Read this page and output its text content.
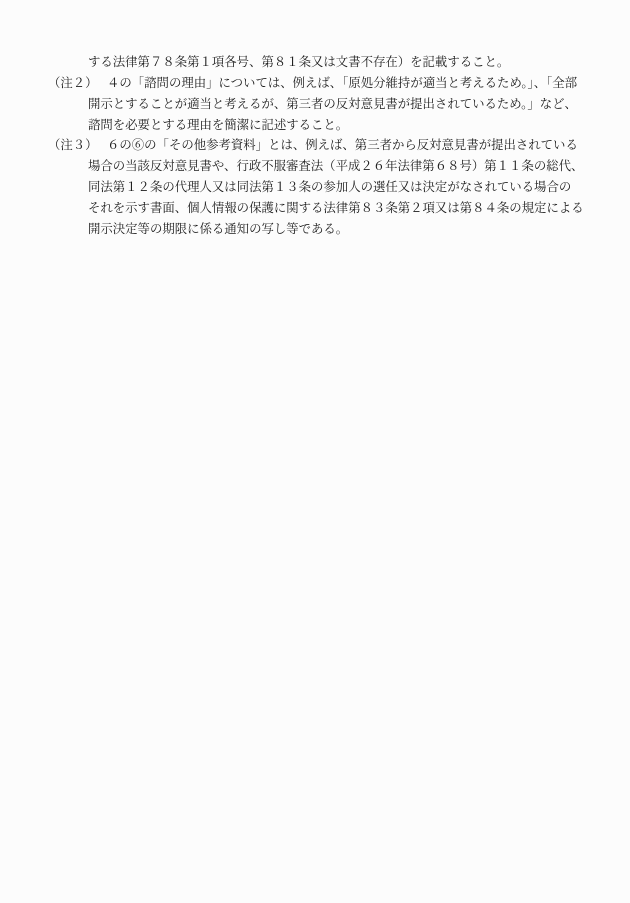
する法律第７８条第１項各号、第８１条又は文書不存在）を記載すること。
（注２） ４の「諮問の理由」については、例えば、「原処分維持が適当と考えるため。」、「全部
開示とすることが適当と考えるが、第三者の反対意見書が提出されているため。」など、
諮問を必要とする理由を簡潔に記述すること。
（注３） ６の⑥の「その他参考資料」とは、例えば、第三者から反対意見書が提出されている
場合の当該反対意見書や、行政不服審査法（平成２６年法律第６８号）第１１条の総代、
同法第１２条の代理人又は同法第１３条の参加人の選任又は決定がなされている場合の
それを示す書面、個人情報の保護に関する法律第８３条第２項又は第８４条の規定による
開示決定等の期限に係る通知の写し等である。
